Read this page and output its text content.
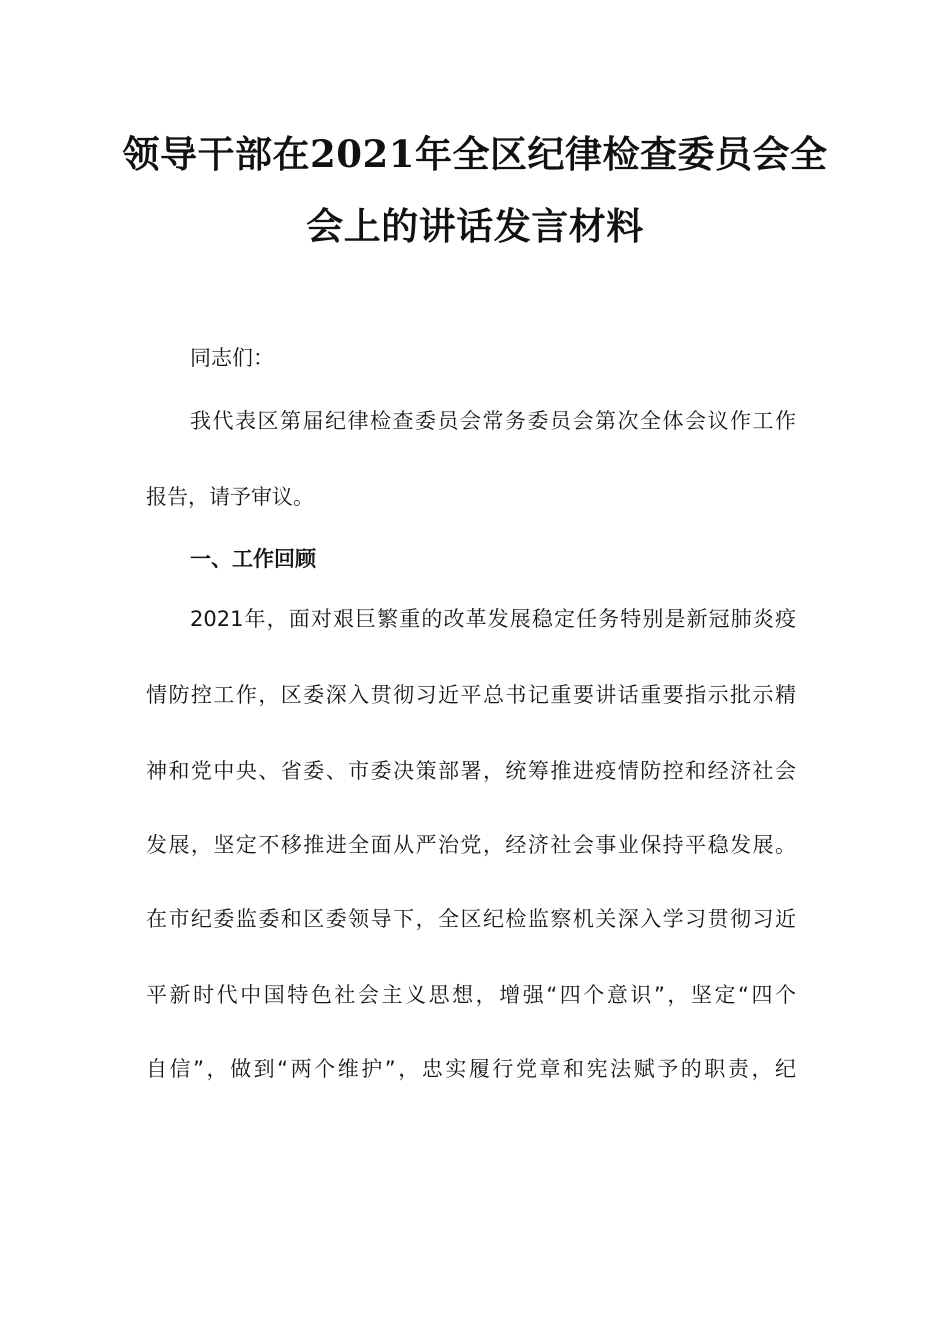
领导干部在2021年全区纪律检查委员会全
会上的讲话发言材料
同志们：
我代表区第届纪律检查委员会常务委员会第次全体会议作工作
报告，请予审议。
一、工作回顾
2021年，面对艰巨繁重的改革发展稳定任务特别是新冠肺炎疫
情防控工作，区委深入贯彻习近平总书记重要讲话重要指示批示精
神和党中央、省委、市委决策部署，统筹推进疫情防控和经济社会
发展，坚定不移推进全面从严治党，经济社会事业保持平稳发展。
在市纪委监委和区委领导下，全区纪检监察机关深入学习贯彻习近
平新时代中国特色社会主义思想，增强“四个意识”，坚定“四个
自信”，做到“两个维护”，忠实履行党章和宪法赋予的职责，纪
